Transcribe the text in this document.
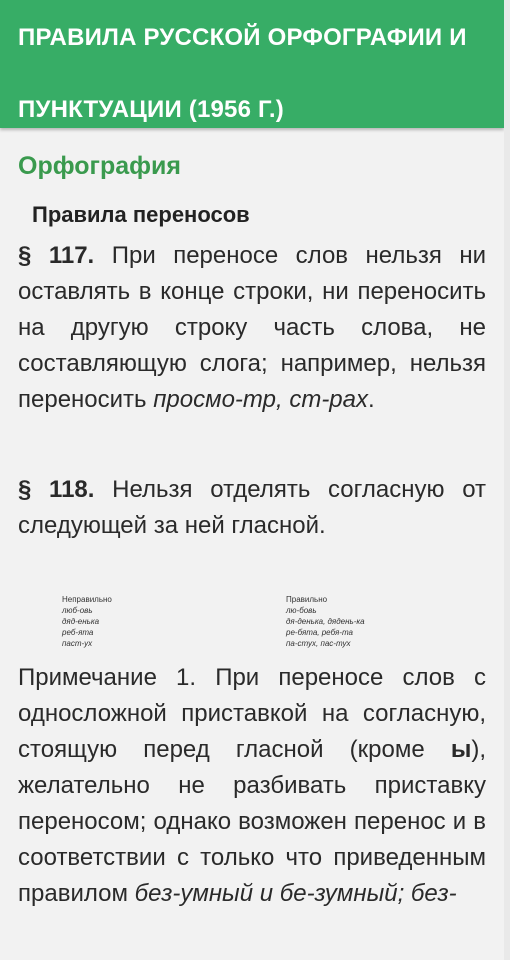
ПРАВИЛА РУССКОЙ ОРФОГРАФИИ И ПУНКТУАЦИИ (1956 Г.)
Орфография
Правила переносов
§ 117. При переносе слов нельзя ни оставлять в конце строки, ни переносить на другую строку часть слова, не составляющую слога; например, нельзя переносить просмо-тр, ст-рах.
§ 118. Нельзя отделять согласную от следующей за ней гласной.
Неправильно
люб-овь
дяд-енька
реб-ята
паст-ух
Правильно
лю-бовь
дя-денька, дядень-ка
ре-бята, ребя-та
па-стух, пас-тух
Примечание 1. При переносе слов с односложной приставкой на согласную, стоящую перед гласной (кроме ы), желательно не разбивать приставку переносом; однако возможен перенос и в соответствии с только что приведенным правилом без-умный и бе-зумный; без-
